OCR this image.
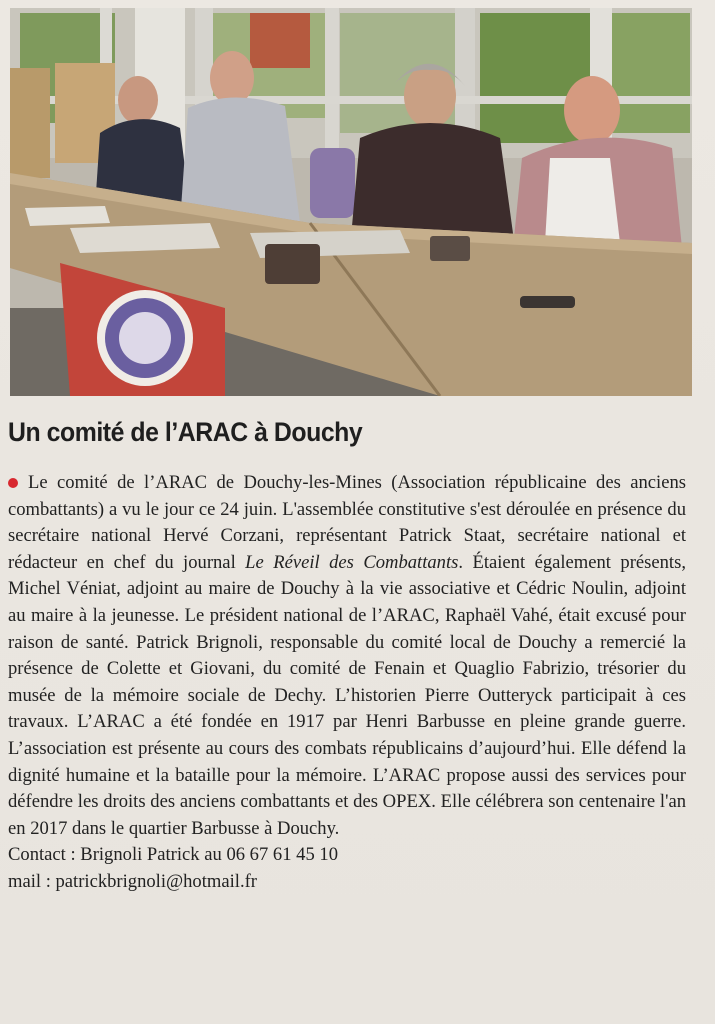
Un comité de l’ARAC à Douchy

Le comité de l’ARAC de Douchy-les-Mines (Association républicaine des anciens combattants) a vu le jour ce 24 juin. L'assemblée constitutive s'est déroulée en présence du secrétaire national Hervé Corzani, représentant Patrick Staat, secrétaire national et rédacteur en chef du journal Le Réveil des Combattants. Étaient également présents, Michel Véniat, adjoint au maire de Douchy à la vie associative et Cédric Noulin, adjoint au maire à la jeunesse. Le président national de l’ARAC, Raphaël Vahé, était excusé pour raison de santé. Patrick Brignoli, responsable du comité local de Douchy a remercié la présence de Colette et Giovani, du comité de Fenain et Quaglio Fabrizio, trésorier du musée de la mémoire sociale de Dechy. L’historien Pierre Outteryck participait à ces travaux. L’ARAC a été fondée en 1917 par Henri Barbusse en pleine grande guerre. L’association est présente au cours des combats républicains d’aujourd’hui. Elle défend la dignité humaine et la bataille pour la mémoire. L’ARAC propose aussi des services pour défendre les droits des anciens combattants et des OPEX. Elle célébrera son centenaire l'an en 2017 dans le quartier Barbusse à Douchy.

Contact : Brignoli Patrick au 06 67 61 45 10

mail : patrickbrignoli@hotmail.fr
